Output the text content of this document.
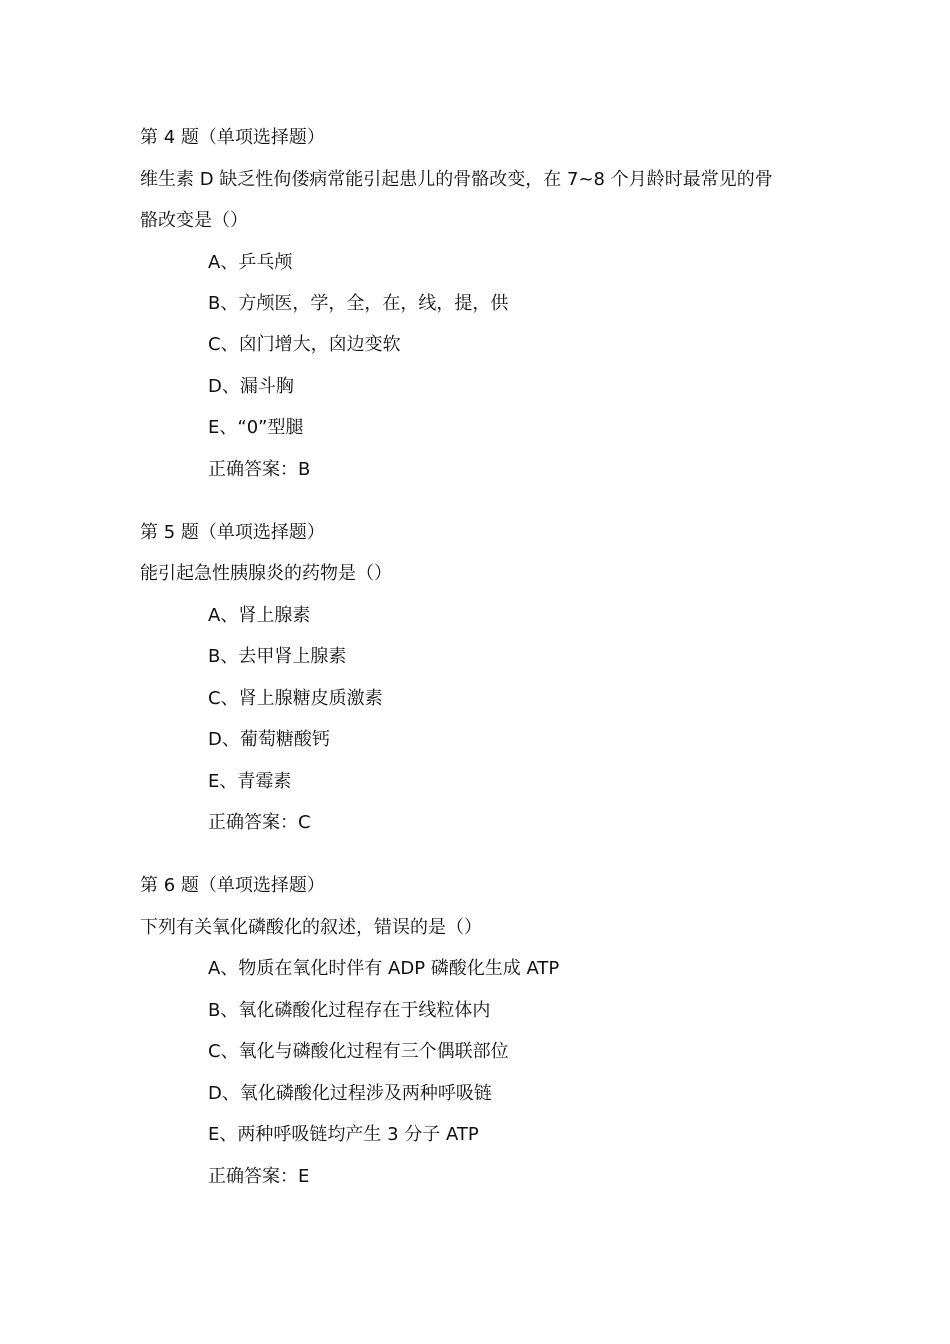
第 4 题（单项选择题）
维生素 D 缺乏性佝偻病常能引起患儿的骨骼改变，在 7~8 个月龄时最常见的骨
骼改变是（）
A、乒乓颅
B、方颅医，学，全，在，线，提，供
C、囟门增大，囟边变软
D、漏斗胸
E、“0”型腿
正确答案：B
第 5 题（单项选择题）
能引起急性胰腺炎的药物是（）
A、肾上腺素
B、去甲肾上腺素
C、肾上腺糖皮质激素
D、葡萄糖酸钙
E、青霉素
正确答案：C
第 6 题（单项选择题）
下列有关氧化磷酸化的叙述，错误的是（）
A、物质在氧化时伴有 ADP 磷酸化生成 ATP
B、氧化磷酸化过程存在于线粒体内
C、氧化与磷酸化过程有三个偶联部位
D、氧化磷酸化过程涉及两种呼吸链
E、两种呼吸链均产生 3 分子 ATP
正确答案：E
